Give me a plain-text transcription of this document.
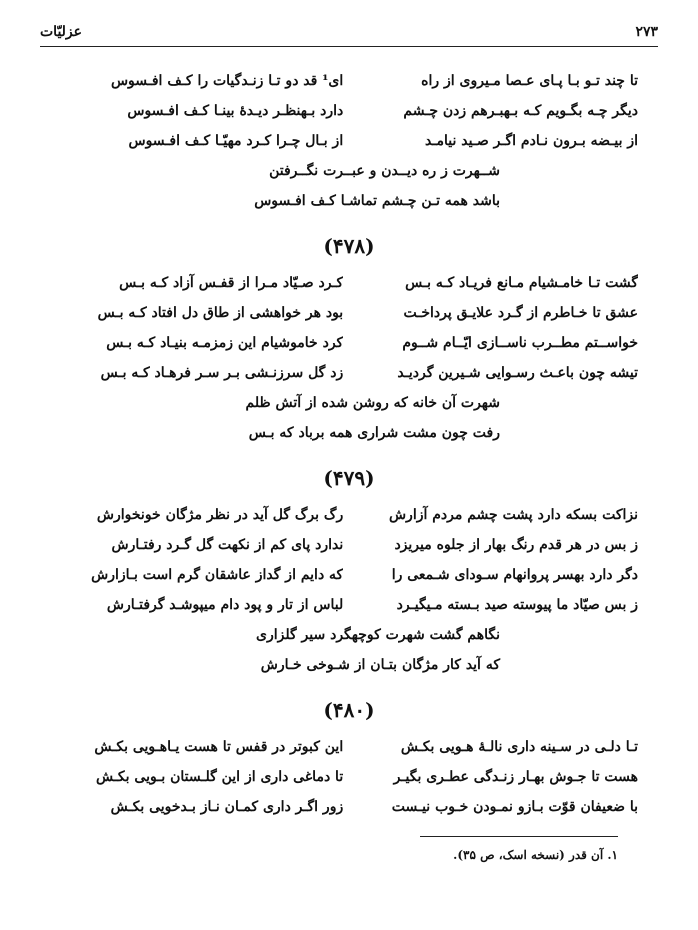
۲۷۳
عزلیّات
تا چند تـو بـا پـای عـصا مـیروی از راه
ای¹ قد دو تـا زنـدگیات را کـف افـسوس
دیگر چـه بگـویم کـه بـهبـرهم زدن چـشم
دارد بـهنظـر دیـدهٔ بینـا کـف افـسوس
از بیـضه بـرون نـادم اگـر صـید نیامـد
از بـال چـرا کـرد مهیّـا کـف افـسوس
شــهرت ز ره دیــدن و عبــرت نگــرفتن
باشد همه تـن چـشم تماشـا کـف افـسوس
(۴۷۸)
گشت تـا خامـشیام مـانع فریـاد کـه بـس
کـرد صـیّاد مـرا از قفـس آزاد کـه بـس
عشق تا خـاطرم از گـرد علایـق پرداخـت
بود هر خواهشی از طاق دل افتاد کـه بـس
خواســتم مطــرب ناســازی ایّــام شــوم
کرد خاموشیام این زمزمـه بنیـاد کـه بـس
تیشه چون باعـث رسـوایی شـیرین گردیـد
زد گل سرزنـشی بـر سـر فرهـاد کـه بـس
شهرت آن خانه که روشن شده از آتش ظلم
رفت چون مشت شراری همه برباد که بـس
(۴۷۹)
نزاکت بسکه دارد پشت چشم مردم آزارش
رگ برگ گل آید در نظر مژگان خونخوارش
ز بس در هر قدم رنگ بهار از جلوه میریزد
ندارد پای کم از نکهت گل گـرد رفتـارش
دگر دارد بهسر پروانهام سـودای شـمعی را
که دایم از گداز عاشقان گرم است بـازارش
ز بس صیّاد ما پیوسته صید بـسته مـیگیـرد
لباس از تار و پود دام میپوشـد گرفتـارش
نگاهم گشت شهرت کوچهگرد سیر گلزاری
که آید کار مژگان بتـان از شـوخی خـارش
(۴۸۰)
تـا دلـی در سـینه داری نالـهٔ هـویی بکـش
این کبوتر در قفس تا هست یـاهـویی بکـش
هست تا جـوش بهـار زنـدگی عطـری بگیـر
تا دماغی داری از این گلـستان بـویی بکـش
با ضعیفان قوّت بـازو نمـودن خـوب نیـست
زور اگـر داری کمـان نـاز بـدخویی بکـش
۱. آن قدر (نسخه اسک، ص ۳۵).
